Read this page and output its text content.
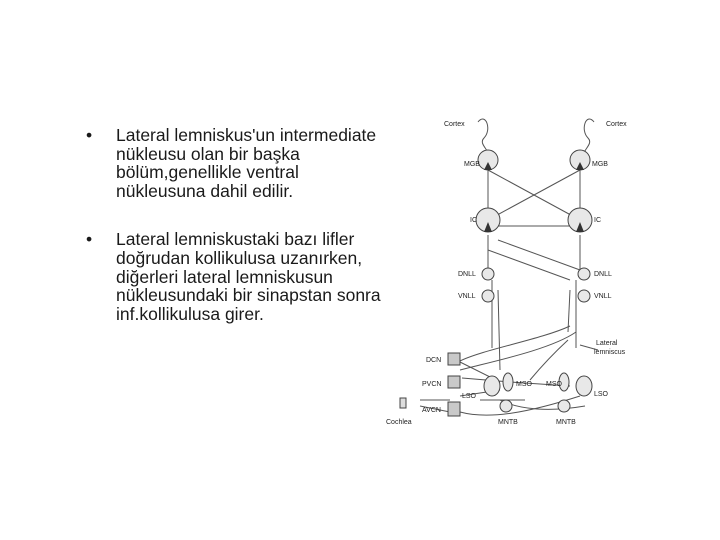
• Lateral lemniskus'un intermediate nükleusu olan bir başka bölüm,genellikle ventral nükleusuna dahil edilir.
• Lateral lemniskustaki bazı lifler doğrudan kollikulusa uzanırken, diğerleri lateral lemniskusun nükleusundaki bir sinapstan sonra inf.kollikulusa girer.
Cortex	Cortex
MGB	MGB
IC	IC
DNLL	DNLL
VNLL	VNLL
Lateral
lemniscus
DCN
PVCN
AVCN
Cochlea
LSO
MSO MSO
LSO
MNTB	MNTB
